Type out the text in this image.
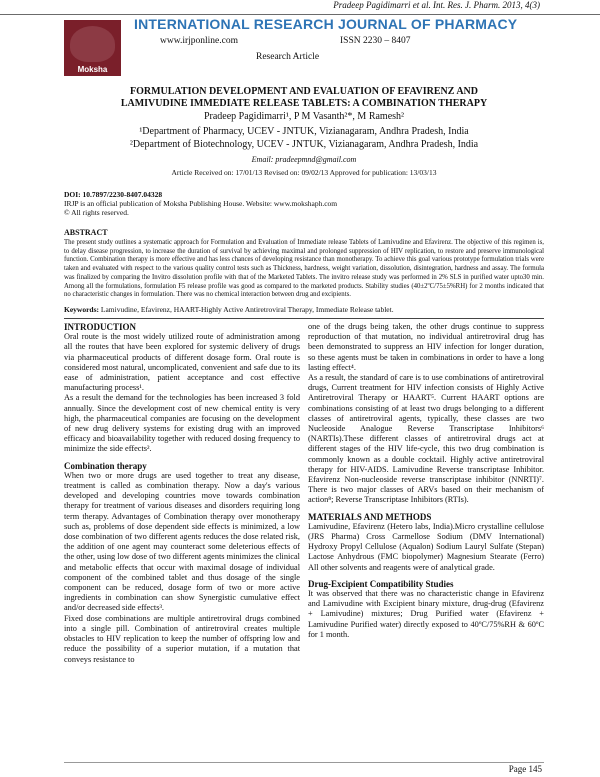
Pradeep Pagidimarri et al. Int. Res. J. Pharm. 2013, 4(3)
Moksha
INTERNATIONAL RESEARCH JOURNAL OF PHARMACY
www.irjponline.com	ISSN 2230 – 8407
Research Article
FORMULATION DEVELOPMENT AND EVALUATION OF EFAVIRENZ AND
LAMIVUDINE IMMEDIATE RELEASE TABLETS: A COMBINATION THERAPY
Pradeep Pagidimarri¹, P M Vasanth²*, M Ramesh²
¹Department of Pharmacy, UCEV - JNTUK, Vizianagaram, Andhra Pradesh, India
²Department of Biotechnology, UCEV - JNTUK, Vizianagaram, Andhra Pradesh, India
Email: pradeepmnd@gmail.com
Article Received on: 17/01/13 Revised on: 09/02/13 Approved for publication: 13/03/13
DOI: 10.7897/2230-8407.04328
IRJP is an official publication of Moksha Publishing House. Website: www.mokshaph.com
© All rights reserved.
ABSTRACT
The present study outlines a systematic approach for Formulation and Evaluation of Immediate release Tablets of Lamivudine and Efavirenz. The objective of this regimen is, to delay disease progression, to increase the duration of survival by achieving maximal and prolonged suppression of HIV replication, to restore and preserve immunological function. Combination therapy is more effective and has less chances of developing resistance than monotherapy. To achieve this goal various prototype formulation trials were taken and evaluated with respect to the various quality control tests such as Thickness, hardness, weight variation, dissolution, disintegration, hardness and assay. The formula was finalized by comparing the Invitro dissolution profile with that of the Marketed Tablets. The invitro release study was performed in 2% SLS in purified water upto30 min. Among all the formulations, formulation F5 release profile was good as compared to the marketed products. Stability studies (40±2ºC/75±5%RH) for 2 months indicated that no characteristic changes in formulation. There was no chemical interaction between drug and excipients.
Keywords: Lamivudine, Efavirenz, HAART-Highly Active Antiretroviral Therapy, Immediate Release tablet.
INTRODUCTION

Oral route is the most widely utilized route of administration among all the routes that have been explored for systemic delivery of drugs via pharmaceutical products of different dosage form. Oral route is considered most natural, uncomplicated, convenient and safe due to its ease of administration, patient acceptance and cost effective manufacturing process¹.

As a result the demand for the technologies has been increased 3 fold annually. Since the development cost of new chemical entity is very high, the pharmaceutical companies are focusing on the development of new drug delivery systems for existing drug with an improved efficacy and bioavailability together with reduced dosing frequency to minimize the side effects².

Combination therapy

When two or more drugs are used together to treat any disease, treatment is called as combination therapy. Now a day's various developed and developing countries move towards combination therapy for treatment of various diseases and disorders requiring long term therapy. Advantages of Combination therapy over monotherapy such as, problems of dose dependent side effects is minimized, a low dose combination of two different agents reduces the dose related risk, the addition of one agent may counteract some deleterious effects of the other, using low dose of two different agents minimizes the clinical and metabolic effects that occur with maximal dosage of individual component of the combined tablet and thus dosage of the single component can be reduced, dosage form of two or more active ingredients in combination can show Synergistic cumulative effect and/or decreased side effects³.

Fixed dose combinations are multiple antiretroviral drugs combined into a single pill. Combination of antiretroviral creates multiple obstacles to HIV replication to keep the number of offspring low and reduce the possibility of a superior mutation, if a mutation that conveys resistance to

one of the drugs being taken, the other drugs continue to suppress reproduction of that mutation, no individual antiretroviral drug has been demonstrated to suppress an HIV infection for longer duration, so these agents must be taken in combinations in order to have a long lasting effect⁴.

As a result, the standard of care is to use combinations of antiretroviral drugs, Current treatment for HIV infection consists of Highly Active Antiretroviral Therapy or HAART⁵. Current HAART options are combinations consisting of at least two drugs belonging to a different classes of antiretroviral agents, typically, these classes are two Nucleoside Analogue Reverse Transcriptase Inhibitors⁶ (NARTIs).These different classes of antiretroviral drugs act at different stages of the HIV life-cycle, this two drug combination is commonly known as a double cocktail. Highly active antiretroviral therapy for HIV-AIDS. Lamivudine Reverse transcriptase Inhibitor. Efavirenz Non-nucleoside reverse transcriptase inhibitor (NNRTI)⁷. There is two major classes of ARVs based on their mechanism of action⁸; Reverse Transcriptase Inhibitors (RTIs).

MATERIALS AND METHODS

Lamivudine, Efavirenz (Hetero labs, India).Micro crystalline cellulose (JRS Pharma) Cross Carmellose Sodium (DMV International) Hydroxy Propyl Cellulose (Aqualon) Sodium Lauryl Sulfate (Stepan) Lactose Anhydrous (FMC biopolymer) Magnesium Stearate (Ferro) All other solvents and reagents were of analytical grade.

Drug-Excipient Compatibility Studies

It was observed that there was no characteristic change in Efavirenz and Lamivudine with Excipient binary mixture, drug-drug (Efavirenz + Lamivudine) mixtures; Drug Purified water (Efavirenz + Lamivudine Purified water) directly exposed to 40ºC/75%RH & 60ºC for 1 month.

Page 145
